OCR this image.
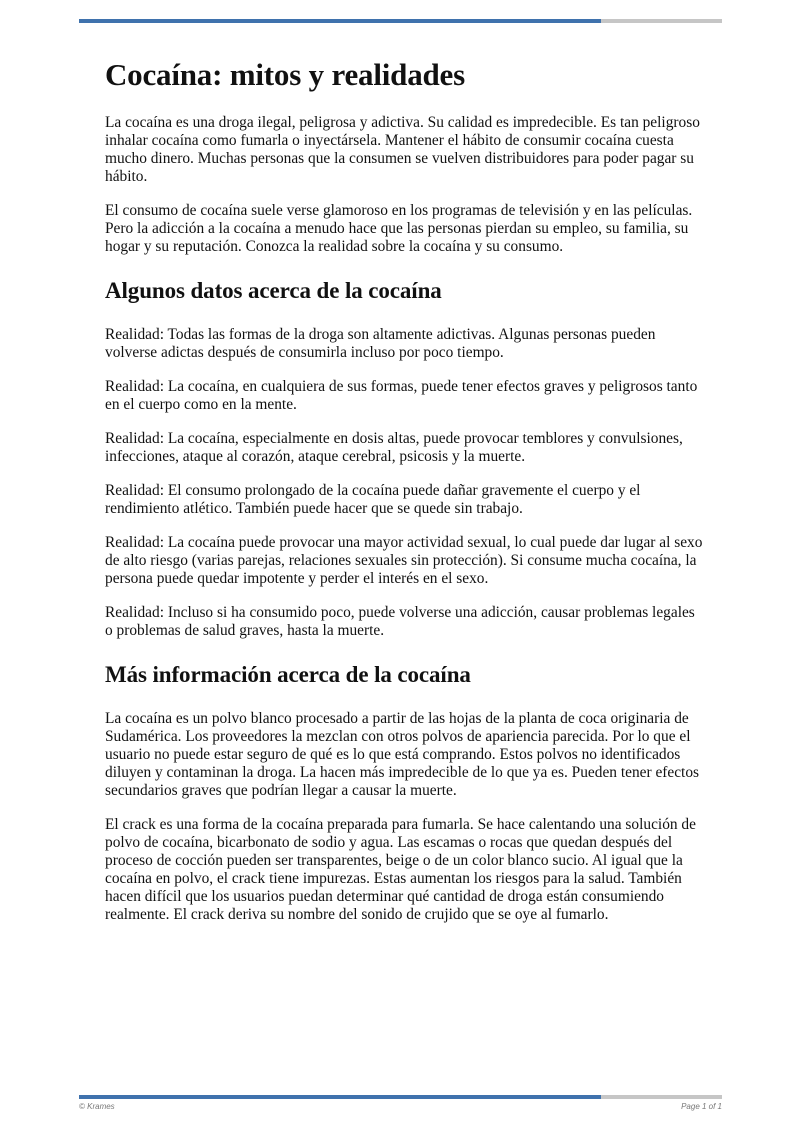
Cocaína: mitos y realidades

La cocaína es una droga ilegal, peligrosa y adictiva. Su calidad es impredecible. Es tan peligroso inhalar cocaína como fumarla o inyectársela. Mantener el hábito de consumir cocaína cuesta mucho dinero. Muchas personas que la consumen se vuelven distribuidores para poder pagar su hábito.

El consumo de cocaína suele verse glamoroso en los programas de televisión y en las películas. Pero la adicción a la cocaína a menudo hace que las personas pierdan su empleo, su familia, su hogar y su reputación. Conozca la realidad sobre la cocaína y su consumo.

Algunos datos acerca de la cocaína

Realidad: Todas las formas de la droga son altamente adictivas. Algunas personas pueden volverse adictas después de consumirla incluso por poco tiempo.

Realidad: La cocaína, en cualquiera de sus formas, puede tener efectos graves y peligrosos tanto en el cuerpo como en la mente.

Realidad: La cocaína, especialmente en dosis altas, puede provocar temblores y convulsiones, infecciones, ataque al corazón, ataque cerebral, psicosis y la muerte.

Realidad: El consumo prolongado de la cocaína puede dañar gravemente el cuerpo y el rendimiento atlético. También puede hacer que se quede sin trabajo.

Realidad: La cocaína puede provocar una mayor actividad sexual, lo cual puede dar lugar al sexo de alto riesgo (varias parejas, relaciones sexuales sin protección). Si consume mucha cocaína, la persona puede quedar impotente y perder el interés en el sexo.

Realidad: Incluso si ha consumido poco, puede volverse una adicción, causar problemas legales o problemas de salud graves, hasta la muerte.

Más información acerca de la cocaína

La cocaína es un polvo blanco procesado a partir de las hojas de la planta de coca originaria de Sudamérica. Los proveedores la mezclan con otros polvos de apariencia parecida. Por lo que el usuario no puede estar seguro de qué es lo que está comprando. Estos polvos no identificados diluyen y contaminan la droga. La hacen más impredecible de lo que ya es. Pueden tener efectos secundarios graves que podrían llegar a causar la muerte.

El crack es una forma de la cocaína preparada para fumarla. Se hace calentando una solución de polvo de cocaína, bicarbonato de sodio y agua. Las escamas o rocas que quedan después del proceso de cocción pueden ser transparentes, beige o de un color blanco sucio. Al igual que la cocaína en polvo, el crack tiene impurezas. Estas aumentan los riesgos para la salud. También hacen difícil que los usuarios puedan determinar qué cantidad de droga están consumiendo realmente. El crack deriva su nombre del sonido de crujido que se oye al fumarlo.

© Krames	Page 1 of 1
